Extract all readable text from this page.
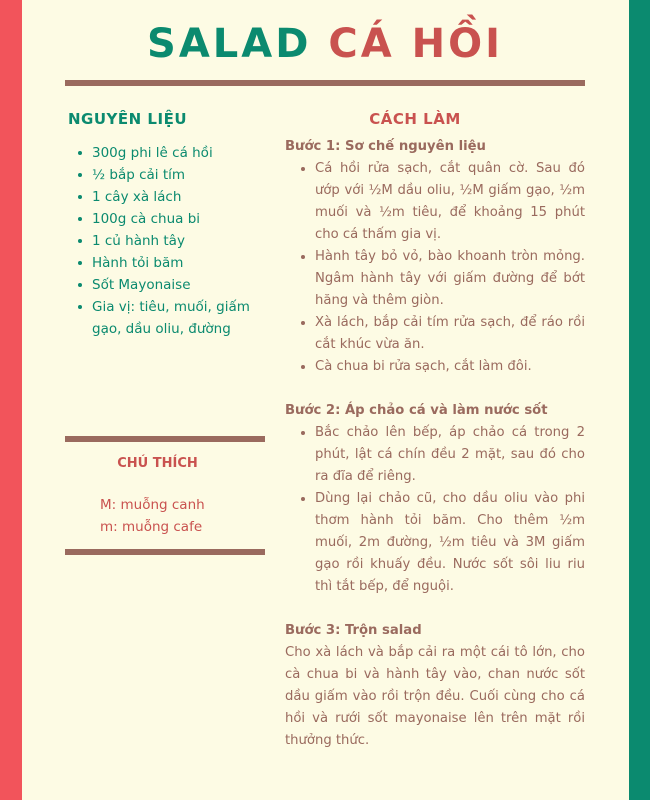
SALAD CÁ HỒI
NGUYÊN LIỆU
300g phi lê cá hồi
½ bắp cải tím
1 cây xà lách
100g cà chua bi
1 củ hành tây
Hành tỏi băm
Sốt Mayonaise
Gia vị: tiêu, muối, giấm gạo, dầu oliu, đường
CHÚ THÍCH
M: muỗng canh
m: muỗng cafe
CÁCH LÀM
Bước 1: Sơ chế nguyên liệu
Cá hồi rửa sạch, cắt quân cờ. Sau đó ướp với ½M dầu oliu, ½M giấm gạo, ½m muối và ½m tiêu, để khoảng 15 phút cho cá thấm gia vị.
Hành tây bỏ vỏ, bào khoanh tròn mỏng. Ngâm hành tây với giấm đường để bớt hăng và thêm giòn.
Xà lách, bắp cải tím rửa sạch, để ráo rồi cắt khúc vừa ăn.
Cà chua bi rửa sạch, cắt làm đôi.
Bước 2: Áp chảo cá và làm nước sốt
Bắc chảo lên bếp, áp chảo cá trong 2 phút, lật cá chín đều 2 mặt, sau đó cho ra đĩa để riêng.
Dùng lại chảo cũ, cho dầu oliu vào phi thơm hành tỏi băm. Cho thêm ½m muối, 2m đường, ½m tiêu và 3M giấm gạo rồi khuấy đều. Nước sốt sôi liu riu thì tắt bếp, để nguội.
Bước 3: Trộn salad
Cho xà lách và bắp cải ra một cái tô lớn, cho cà chua bi và hành tây vào, chan nước sốt dầu giấm vào rồi trộn đều. Cuối cùng cho cá hồi và rưới sốt mayonaise lên trên mặt rồi thưởng thức.
